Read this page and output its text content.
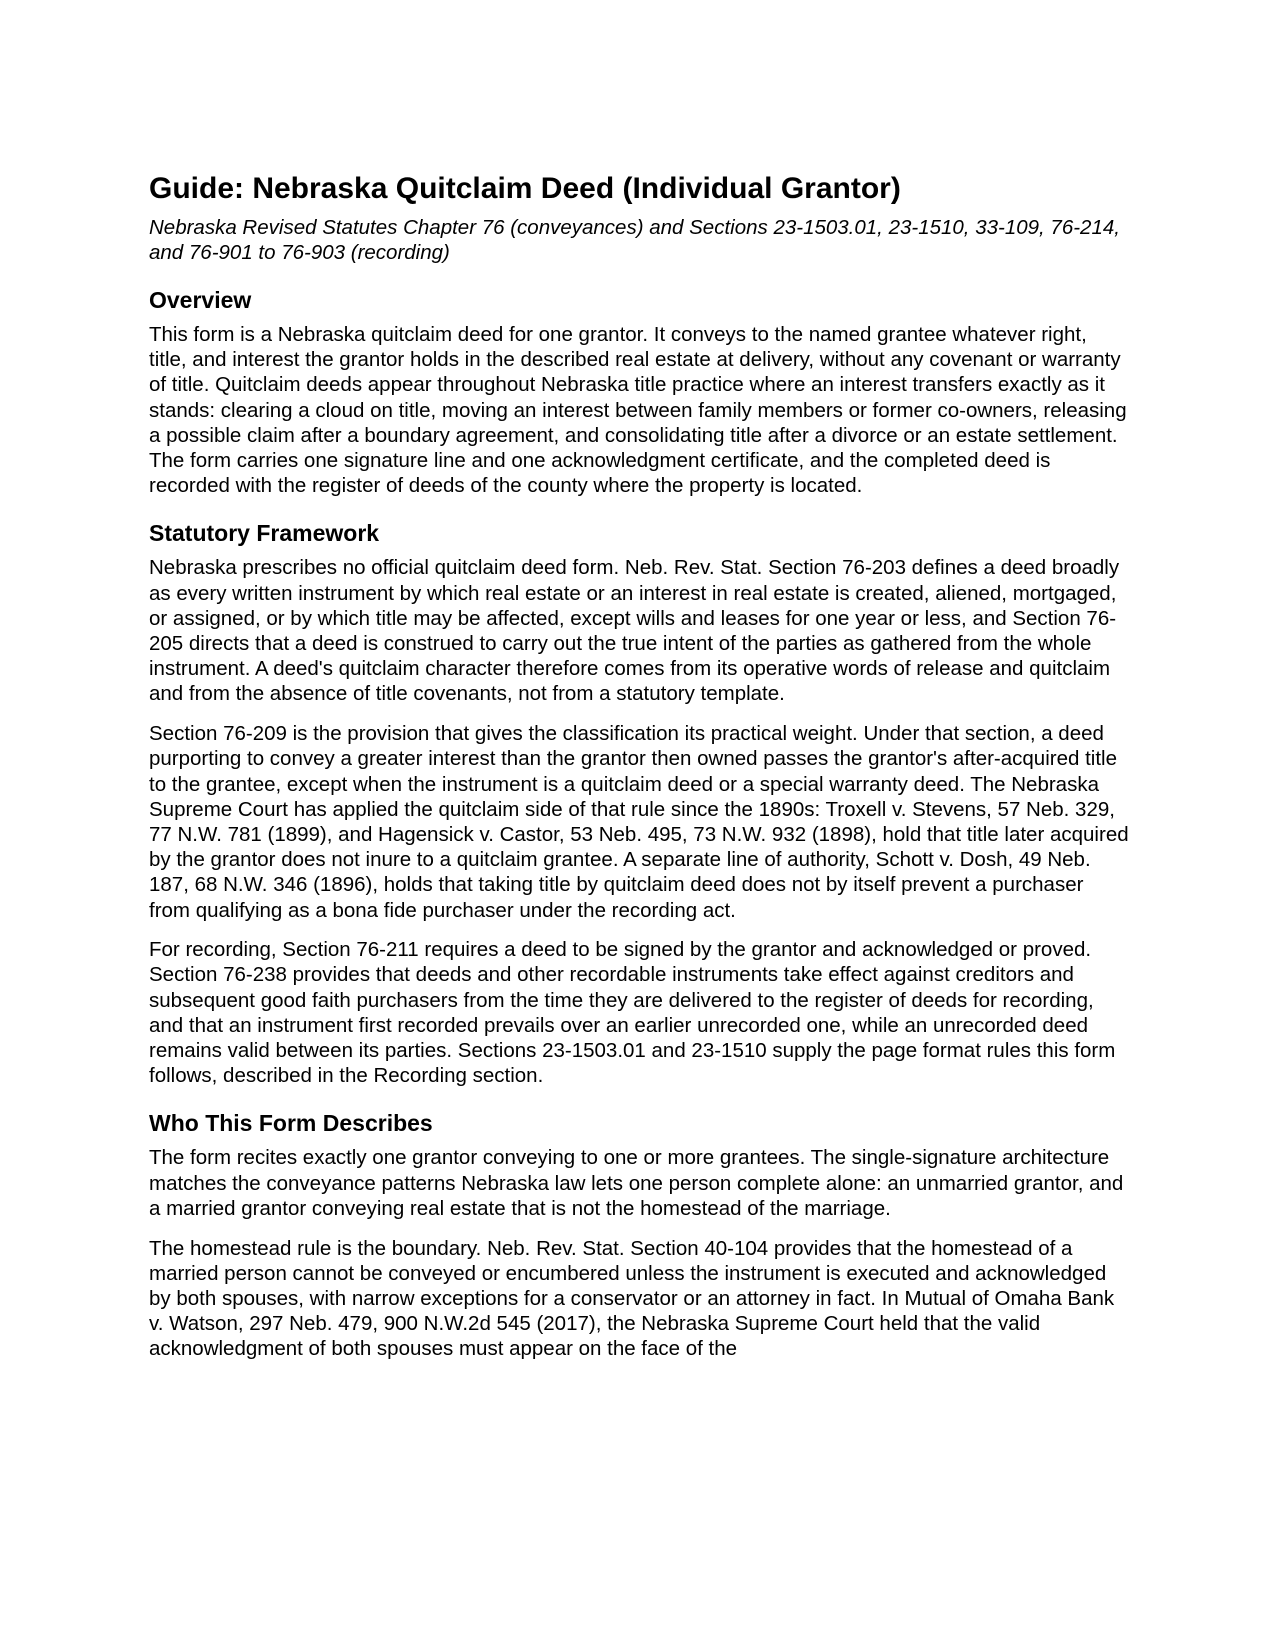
Guide: Nebraska Quitclaim Deed (Individual Grantor)
Nebraska Revised Statutes Chapter 76 (conveyances) and Sections 23-1503.01, 23-1510, 33-109, 76-214, and 76-901 to 76-903 (recording)
Overview

This form is a Nebraska quitclaim deed for one grantor. It conveys to the named grantee whatever right, title, and interest the grantor holds in the described real estate at delivery, without any covenant or warranty of title. Quitclaim deeds appear throughout Nebraska title practice where an interest transfers exactly as it stands: clearing a cloud on title, moving an interest between family members or former co-owners, releasing a possible claim after a boundary agreement, and consolidating title after a divorce or an estate settlement. The form carries one signature line and one acknowledgment certificate, and the completed deed is recorded with the register of deeds of the county where the property is located.

Statutory Framework

Nebraska prescribes no official quitclaim deed form. Neb. Rev. Stat. Section 76-203 defines a deed broadly as every written instrument by which real estate or an interest in real estate is created, aliened, mortgaged, or assigned, or by which title may be affected, except wills and leases for one year or less, and Section 76-205 directs that a deed is construed to carry out the true intent of the parties as gathered from the whole instrument. A deed's quitclaim character therefore comes from its operative words of release and quitclaim and from the absence of title covenants, not from a statutory template.

Section 76-209 is the provision that gives the classification its practical weight. Under that section, a deed purporting to convey a greater interest than the grantor then owned passes the grantor's after-acquired title to the grantee, except when the instrument is a quitclaim deed or a special warranty deed. The Nebraska Supreme Court has applied the quitclaim side of that rule since the 1890s: Troxell v. Stevens, 57 Neb. 329, 77 N.W. 781 (1899), and Hagensick v. Castor, 53 Neb. 495, 73 N.W. 932 (1898), hold that title later acquired by the grantor does not inure to a quitclaim grantee. A separate line of authority, Schott v. Dosh, 49 Neb. 187, 68 N.W. 346 (1896), holds that taking title by quitclaim deed does not by itself prevent a purchaser from qualifying as a bona fide purchaser under the recording act.

For recording, Section 76-211 requires a deed to be signed by the grantor and acknowledged or proved. Section 76-238 provides that deeds and other recordable instruments take effect against creditors and subsequent good faith purchasers from the time they are delivered to the register of deeds for recording, and that an instrument first recorded prevails over an earlier unrecorded one, while an unrecorded deed remains valid between its parties. Sections 23-1503.01 and 23-1510 supply the page format rules this form follows, described in the Recording section.

Who This Form Describes

The form recites exactly one grantor conveying to one or more grantees. The single-signature architecture matches the conveyance patterns Nebraska law lets one person complete alone: an unmarried grantor, and a married grantor conveying real estate that is not the homestead of the marriage.

The homestead rule is the boundary. Neb. Rev. Stat. Section 40-104 provides that the homestead of a married person cannot be conveyed or encumbered unless the instrument is executed and acknowledged by both spouses, with narrow exceptions for a conservator or an attorney in fact. In Mutual of Omaha Bank v. Watson, 297 Neb. 479, 900 N.W.2d 545 (2017), the Nebraska Supreme Court held that the valid acknowledgment of both spouses must appear on the face of the
